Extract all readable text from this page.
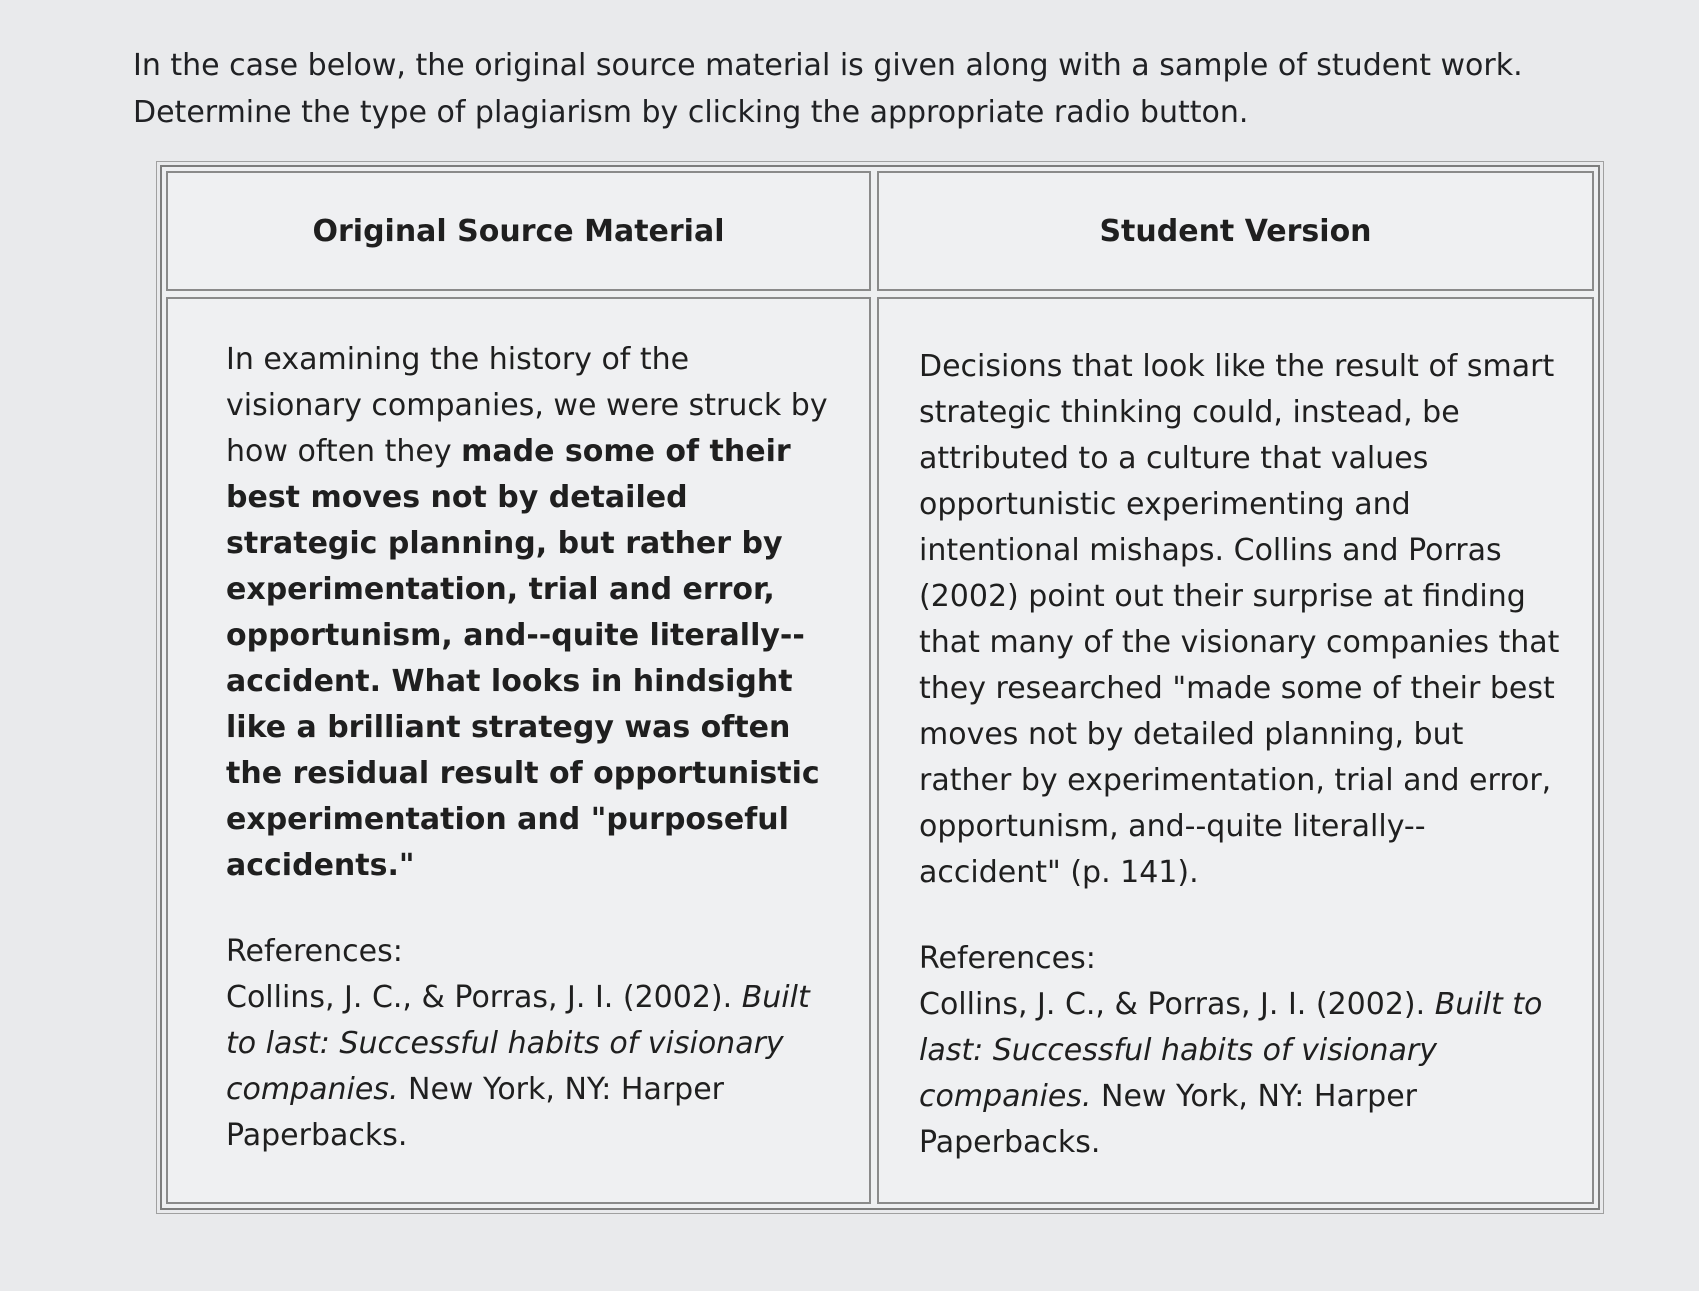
In the case below, the original source material is given along with a sample of student work.
Determine the type of plagiarism by clicking the appropriate radio button.
Original Source Material	Student Version

In examining the history of the visionary companies, we were struck by how often they made some of their best moves not by detailed strategic planning, but rather by experimentation, trial and error, opportunism, and--quite literally--accident. What looks in hindsight like a brilliant strategy was often the residual result of opportunistic experimentation and "purposeful accidents."

References:

Collins, J. C., & Porras, J. I. (2002). Built to last: Successful habits of visionary companies. New York, NY: Harper Paperbacks.

Decisions that look like the result of smart strategic thinking could, instead, be attributed to a culture that values opportunistic experimenting and intentional mishaps. Collins and Porras (2002) point out their surprise at finding that many of the visionary companies that they researched "made some of their best moves not by detailed planning, but rather by experimentation, trial and error, opportunism, and--quite literally--accident" (p. 141).

References:

Collins, J. C., & Porras, J. I. (2002). Built to last: Successful habits of visionary companies. New York, NY: Harper Paperbacks.
